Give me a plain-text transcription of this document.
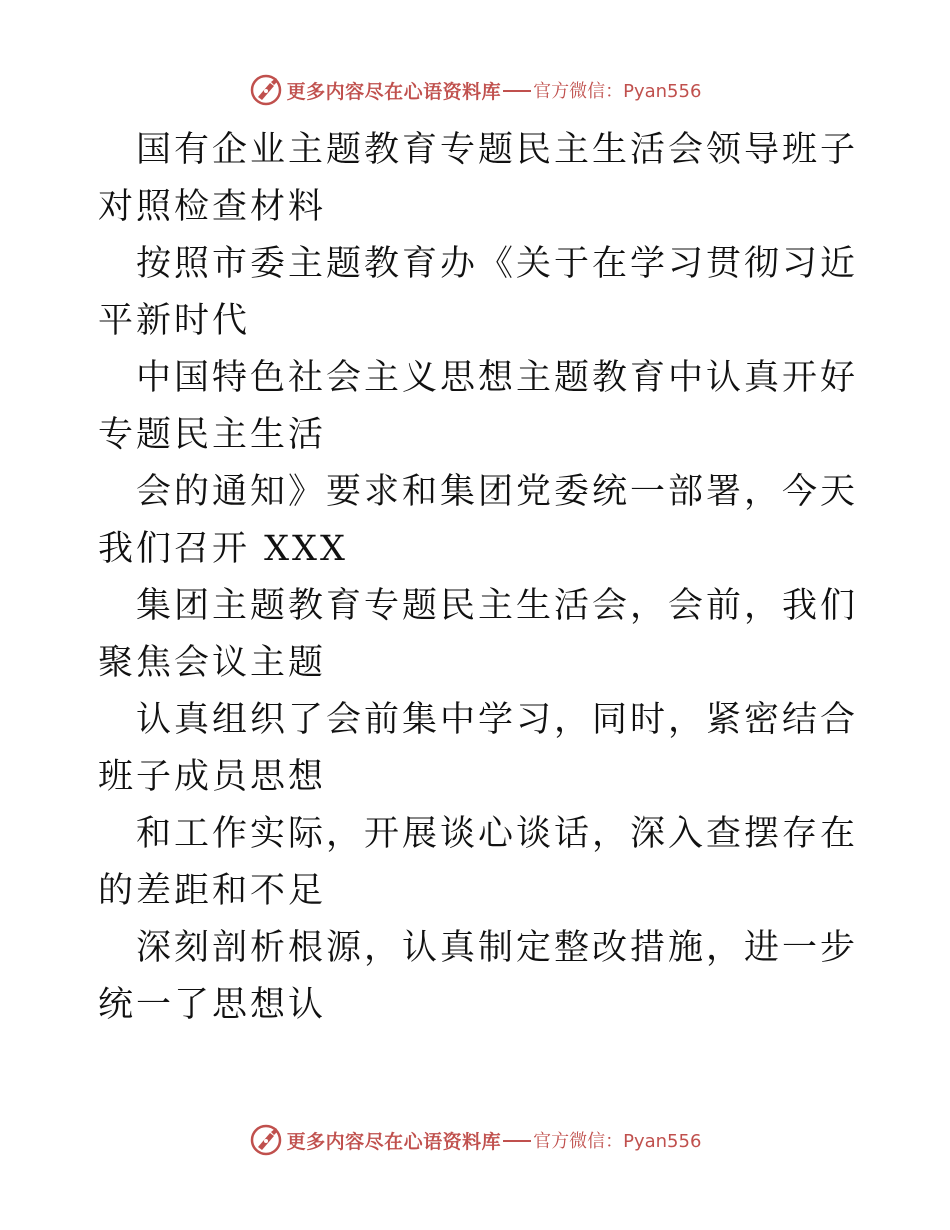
更多内容尽在心语资料库 官方微信：Pyan556

国有企业主题教育专题民主生活会领导班子对照检查材料

按照市委主题教育办《关于在学习贯彻习近平新时代

中国特色社会主义思想主题教育中认真开好专题民主生活

会的通知》要求和集团党委统一部署，今天我们召开 XXX

集团主题教育专题民主生活会，会前，我们聚焦会议主题

认真组织了会前集中学习，同时，紧密结合班子成员思想

和工作实际，开展谈心谈话，深入查摆存在的差距和不足

深刻剖析根源，认真制定整改措施，进一步统一了思想认

更多内容尽在心语资料库 官方微信：Pyan556
